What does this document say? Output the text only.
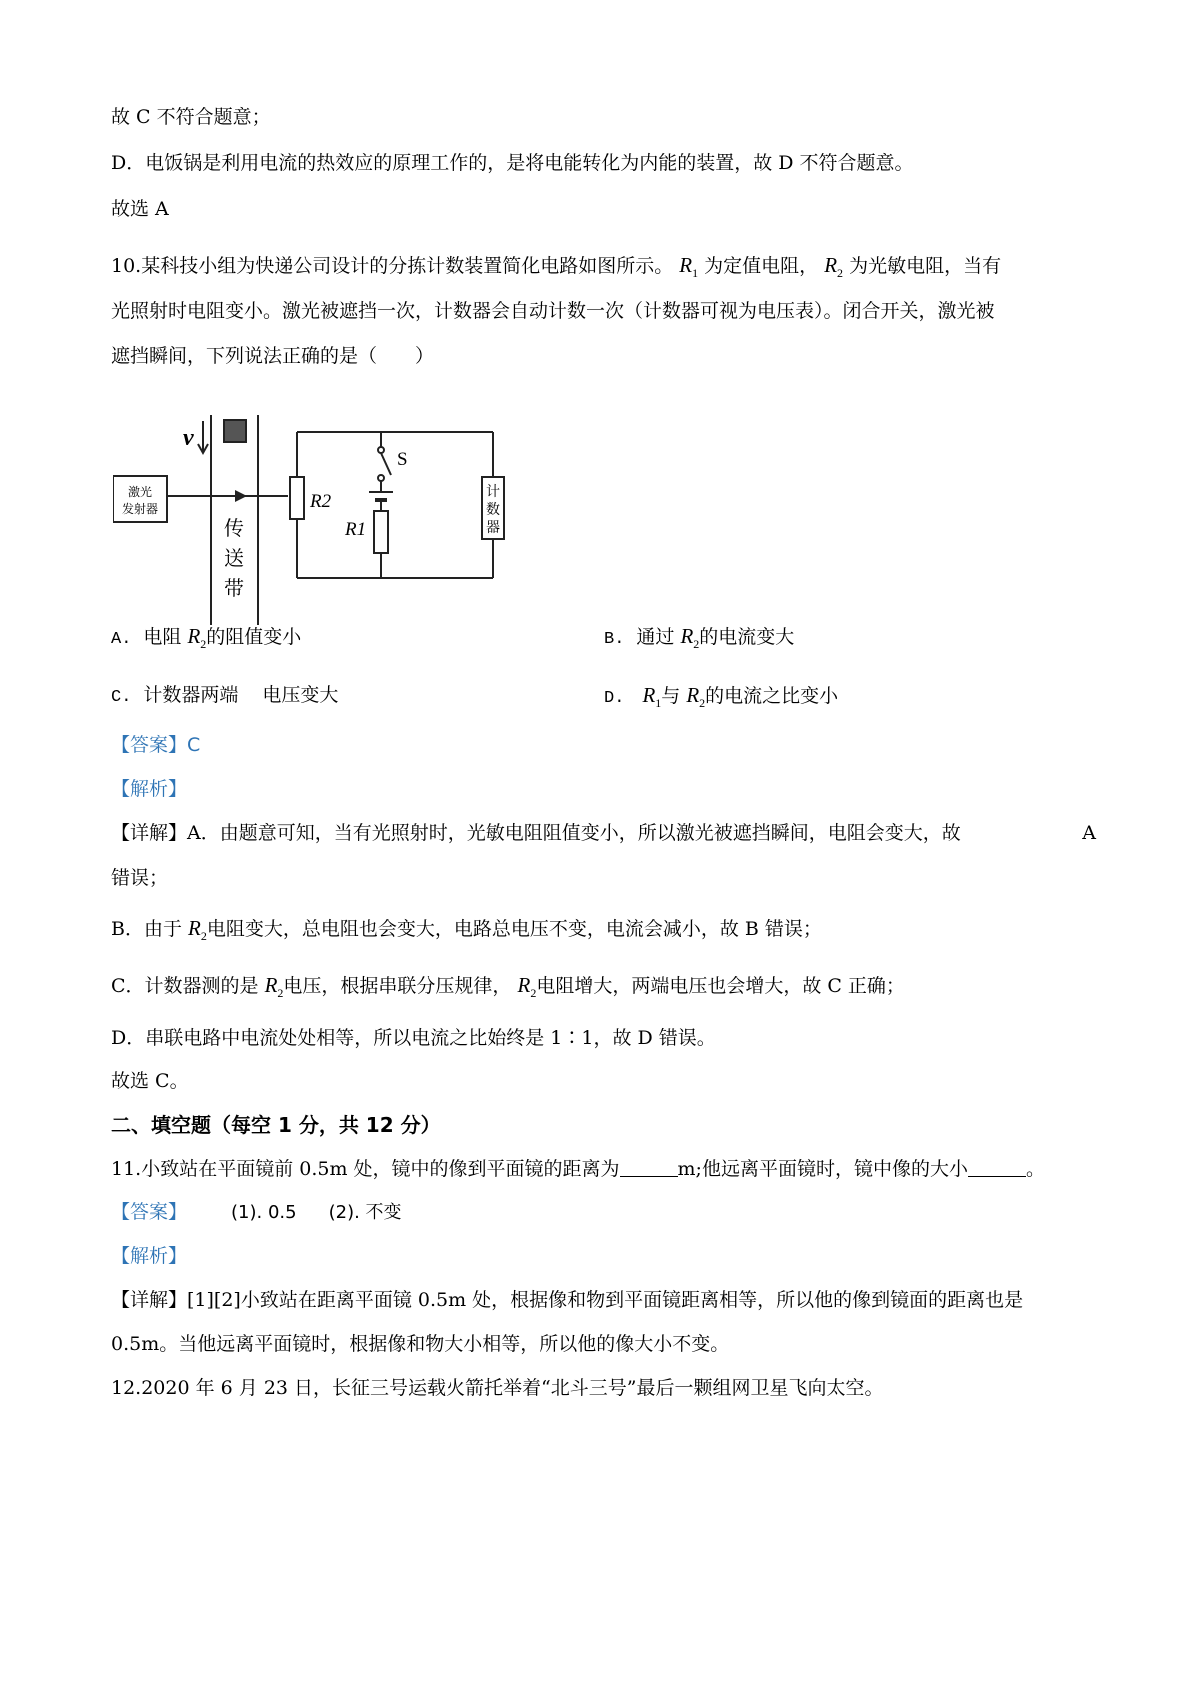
故 C 不符合题意；
D．电饭锅是利用电流的热效应的原理工作的，是将电能转化为内能的装置，故 D 不符合题意。
故选 A
10.某科技小组为快递公司设计的分拣计数装置简化电路如图所示。 $R_1$ 为定值电阻， $R_2$ 为光敏电阻，当有
光照射时电阻变小。激光被遮挡一次，计数器会自动计数一次（计数器可视为电压表）。闭合开关，激光被
遮挡瞬间，下列说法正确的是（　　）
v
激光
发射器
传
送
带
R2
S
R1
计
数
器
A. 电阻 $R_2$的阻值变小	B. 通过 $R_2$的电流变大
C. 计数器两端 电压变大	D. $R_1$与 $R_2$的电流之比变小
【答案】C
【解析】
【详解】A．由题意可知，当有光照射时，光敏电阻阻值变小，所以激光被遮挡瞬间，电阻会变大，故	A
错误；
B．由于 $R_2$电阻变大，总电阻也会变大，电路总电压不变，电流会减小，故 B 错误；
C．计数器测的是 $R_2$电压，根据串联分压规律， $R_2$电阻增大，两端电压也会增大，故 C 正确；
D．串联电路中电流处处相等，所以电流之比始终是 1∶1，故 D 错误。
故选 C。
二、填空题（每空 1 分，共 12 分）
11.小致站在平面镜前 0.5m 处，镜中的像到平面镜的距离为	m;他远离平面镜时，镜中像的大小	。
【答案】 (1). 0.5 (2). 不变
【解析】
【详解】[1][2]小致站在距离平面镜 0.5m 处，根据像和物到平面镜距离相等，所以他的像到镜面的距离也是
0.5m。当他远离平面镜时，根据像和物大小相等，所以他的像大小不变。
12.2020 年 6 月 23 日，长征三号运载火箭托举着“北斗三号”最后一颗组网卫星飞向太空。
